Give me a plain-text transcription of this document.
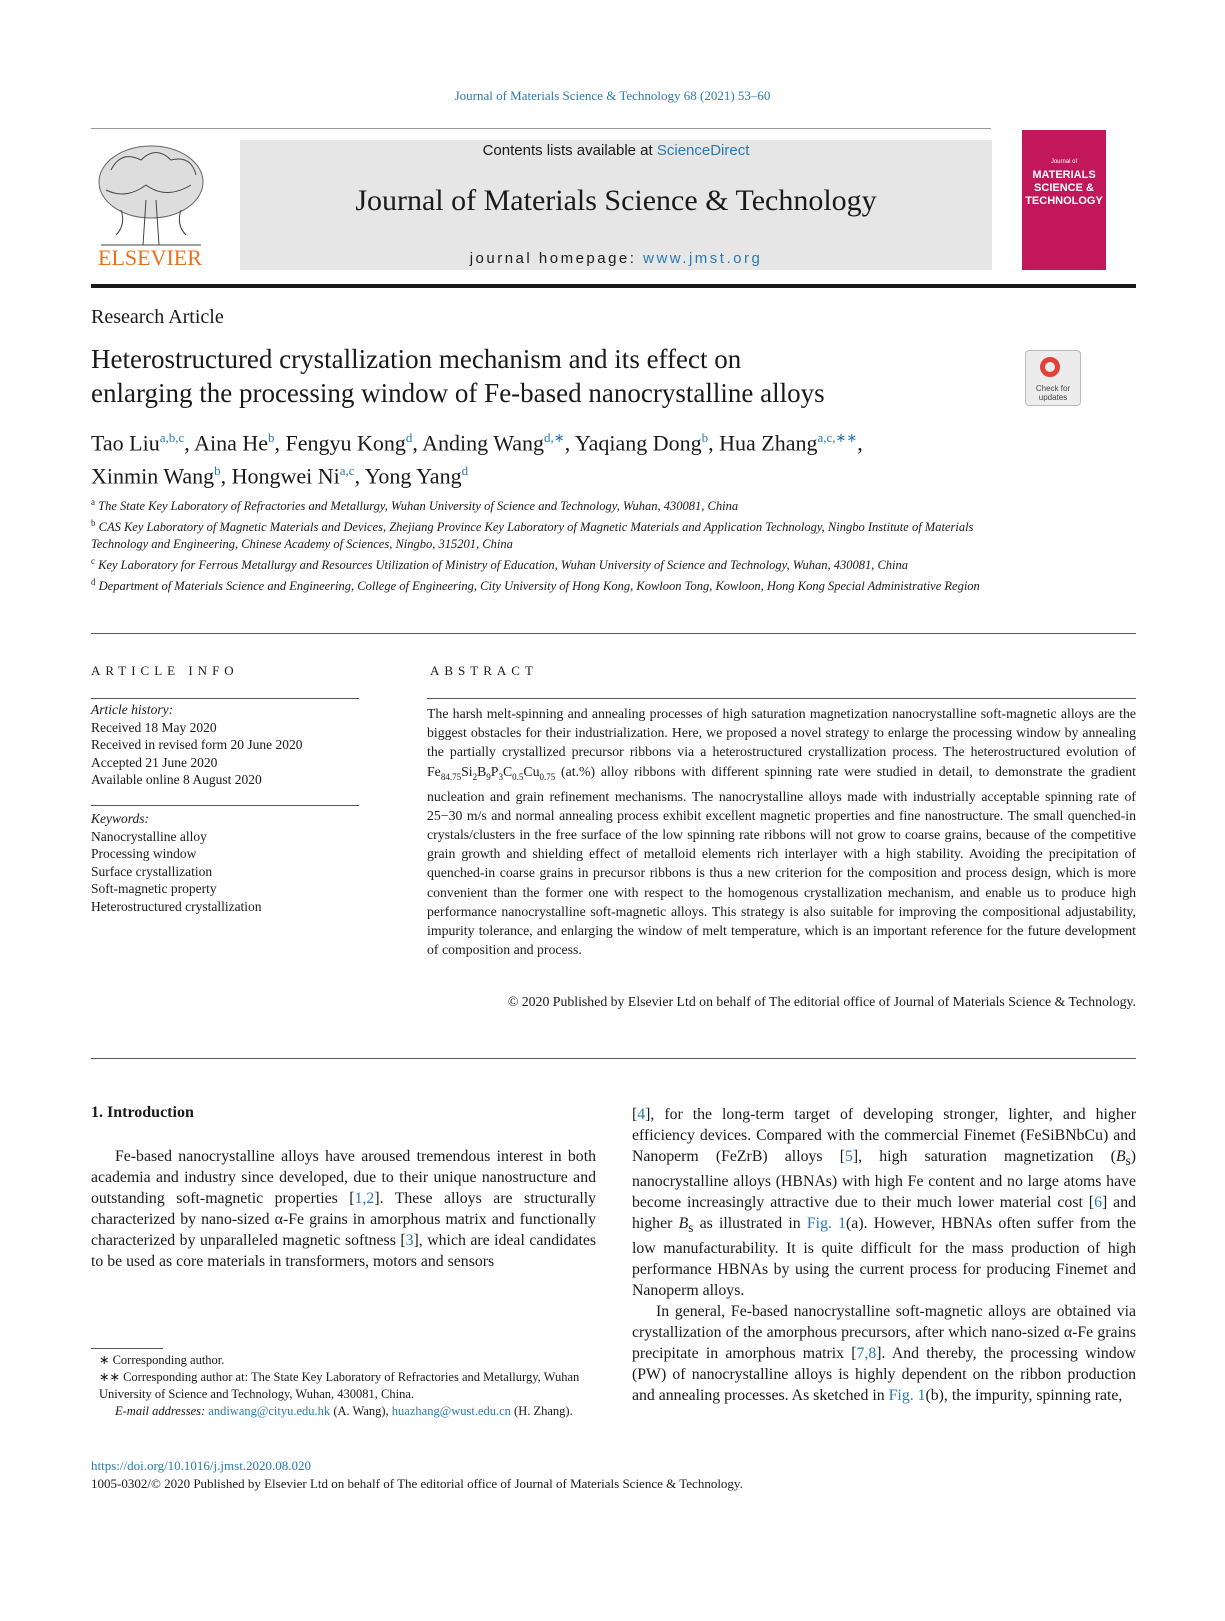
Journal of Materials Science & Technology 68 (2021) 53–60
ELSEVIER
Contents lists available at ScienceDirect
Journal of Materials Science & Technology
journal homepage: www.jmst.org
Journal of
MATERIALS SCIENCE & TECHNOLOGY
Research Article
Heterostructured crystallization mechanism and its effect on
enlarging the processing window of Fe-based nanocrystalline alloys	Check for updates
Tao Liu$^{a,b,c}$, Aina He$^b$, Fengyu Kong$^d$, Anding Wang$^{d,∗}$, Yaqiang Dong$^b$, Hua Zhang$^{a,c,∗∗}$,
Xinmin Wang$^b$, Hongwei Ni$^{a,c}$, Yong Yang$^d$
$^a$ The State Key Laboratory of Refractories and Metallurgy, Wuhan University of Science and Technology, Wuhan, 430081, China
$^b$ CAS Key Laboratory of Magnetic Materials and Devices, Zhejiang Province Key Laboratory of Magnetic Materials and Application Technology, Ningbo Institute of Materials Technology and Engineering, Chinese Academy of Sciences, Ningbo, 315201, China
$^c$ Key Laboratory for Ferrous Metallurgy and Resources Utilization of Ministry of Education, Wuhan University of Science and Technology, Wuhan, 430081, China
$^d$ Department of Materials Science and Engineering, College of Engineering, City University of Hong Kong, Kowloon Tong, Kowloon, Hong Kong Special Administrative Region
ARTICLE INFO	ABSTRACT
Article history:
Received 18 May 2020
Received in revised form 20 June 2020
Accepted 21 June 2020
Available online 8 August 2020
Keywords:
Nanocrystalline alloy
Processing window
Surface crystallization
Soft-magnetic property
Heterostructured crystallization
The harsh melt-spinning and annealing processes of high saturation magnetization nanocrystalline soft-magnetic alloys are the biggest obstacles for their industrialization. Here, we proposed a novel strategy to enlarge the processing window by annealing the partially crystallized precursor ribbons via a heterostructured crystallization process. The heterostructured evolution of $Fe_{84.75}Si_2B_9P_3C_{0.5}Cu_{0.75}$ (at.%) alloy ribbons with different spinning rate were studied in detail, to demonstrate the gradient nucleation and grain refinement mechanisms. The nanocrystalline alloys made with industrially acceptable spinning rate of 25−30 m/s and normal annealing process exhibit excellent magnetic properties and fine nanostructure. The small quenched-in crystals/clusters in the free surface of the low spinning rate ribbons will not grow to coarse grains, because of the competitive grain growth and shielding effect of metalloid elements rich interlayer with a high stability. Avoiding the precipitation of quenched-in coarse grains in precursor ribbons is thus a new criterion for the composition and process design, which is more convenient than the former one with respect to the homogenous crystallization mechanism, and enable us to produce high performance nanocrystalline soft-magnetic alloys. This strategy is also suitable for improving the compositional adjustability, impurity tolerance, and enlarging the window of melt temperature, which is an important reference for the future development of composition and process.
© 2020 Published by Elsevier Ltd on behalf of The editorial office of Journal of Materials Science & Technology.
1. Introduction

Fe-based nanocrystalline alloys have aroused tremendous interest in both academia and industry since developed, due to their unique nanostructure and outstanding soft-magnetic properties [1,2]. These alloys are structurally characterized by nano-sized α-Fe grains in amorphous matrix and functionally characterized by unparalleled magnetic softness [3], which are ideal candidates to be used as core materials in transformers, motors and sensors

[4], for the long-term target of developing stronger, lighter, and higher efficiency devices. Compared with the commercial Finemet (FeSiBNbCu) and Nanoperm (FeZrB) alloys [5], high saturation magnetization $(B_s)$ nanocrystalline alloys (HBNAs) with high Fe content and no large atoms have become increasingly attractive due to their much lower material cost [6] and higher $B_s$ as illustrated in Fig. 1(a). However, HBNAs often suffer from the low manufacturability. It is quite difficult for the mass production of high performance HBNAs by using the current process for producing Finemet and Nanoperm alloys.

In general, Fe-based nanocrystalline soft-magnetic alloys are obtained via crystallization of the amorphous precursors, after which nano-sized α-Fe grains precipitate in amorphous matrix [7,8]. And thereby, the processing window (PW) of nanocrystalline alloys is highly dependent on the ribbon production and annealing processes. As sketched in Fig. 1(b), the impurity, spinning rate,

∗ Corresponding author.
∗∗ Corresponding author at: The State Key Laboratory of Refractories and Metallurgy, Wuhan University of Science and Technology, Wuhan, 430081, China.
E-mail addresses: andiwang@cityu.edu.hk (A. Wang), huazhang@wust.edu.cn (H. Zhang).
https://doi.org/10.1016/j.jmst.2020.08.020
1005-0302/© 2020 Published by Elsevier Ltd on behalf of The editorial office of Journal of Materials Science & Technology.
